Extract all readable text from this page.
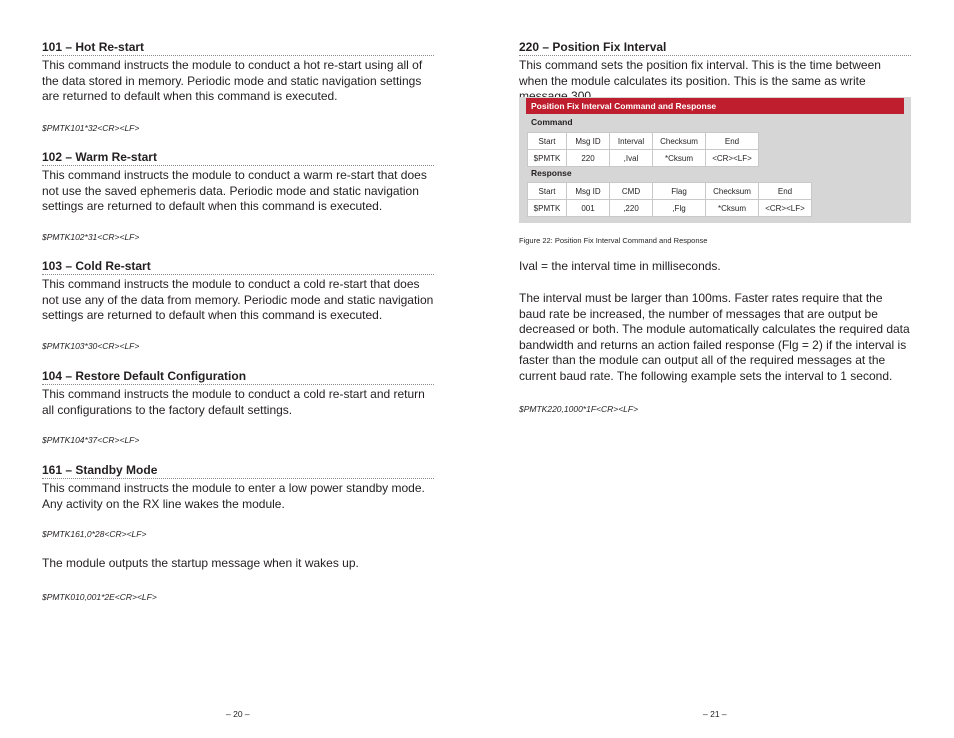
101 – Hot Re-start

This command instructs the module to conduct a hot re-start using all of the data stored in memory. Periodic mode and static navigation settings are returned to default when this command is executed.

$PMTK101*32<CR><LF>

102 – Warm Re-start

This command instructs the module to conduct a warm re-start that does not use the saved ephemeris data. Periodic mode and static navigation settings are returned to default when this command is executed.

$PMTK102*31<CR><LF>

103 – Cold Re-start

This command instructs the module to conduct a cold re-start that does not use any of the data from memory. Periodic mode and static navigation settings are returned to default when this command is executed.

$PMTK103*30<CR><LF>

104 – Restore Default Configuration

This command instructs the module to conduct a cold re-start and return all configurations to the factory default settings.

$PMTK104*37<CR><LF>

161 – Standby Mode

This command instructs the module to enter a low power standby mode. Any activity on the RX line wakes the module.

$PMTK161,0*28<CR><LF>

The module outputs the startup message when it wakes up.

$PMTK010,001*2E<CR><LF>

– 20 –

220 – Position Fix Interval

This command sets the position fix interval. This is the time between when the module calculates its position. This is the same as write

Position Fix Interval Command and Response
Command
Start	Msg ID	Interval	Checksum	End
$PMTK	220	,Ival	*Cksum	<CR><LF>
Response
Start	Msg ID	CMD	Flag	Checksum	End
$PMTK	001	,220	,Flg	*Cksum	<CR><LF>
Figure 22: Position Fix Interval Command and Response

Ival = the interval time in milliseconds.

The interval must be larger than 100ms. Faster rates require that the baud rate be increased, the number of messages that are output be decreased or both. The module automatically calculates the required data bandwidth and returns an action failed response (Flg = 2) if the interval is faster than the module can output all of the required messages at the current baud rate. The following example sets the interval to 1 second.

$PMTK220,1000*1F<CR><LF>

– 21 –
